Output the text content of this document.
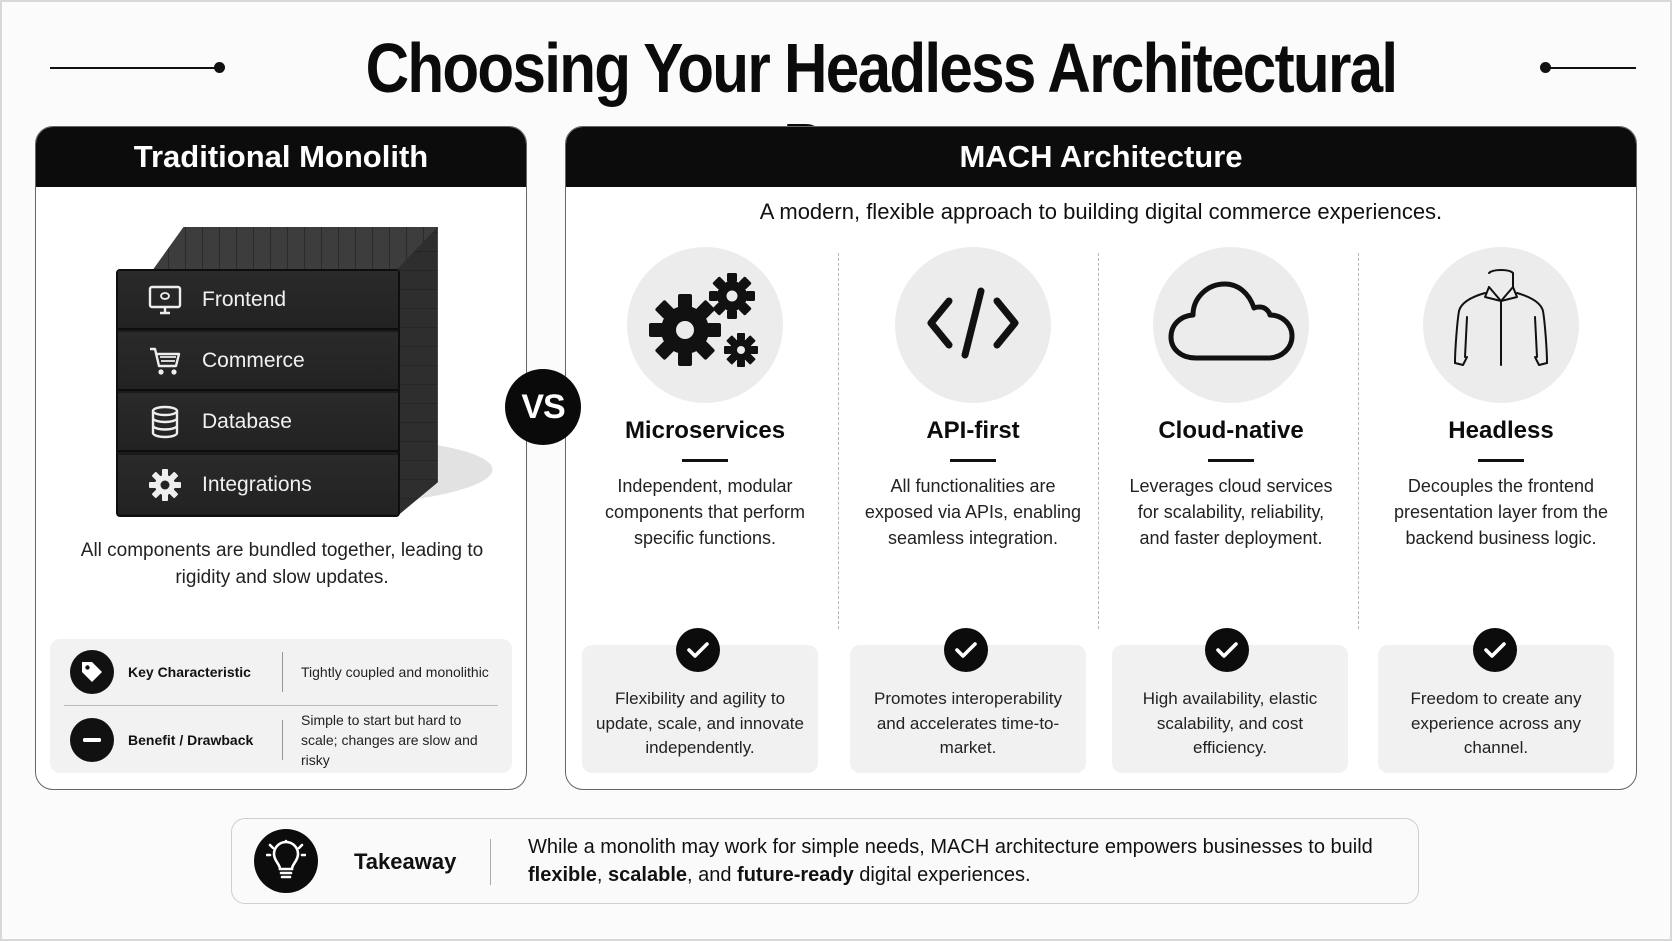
Choosing Your Headless Architectural
Traditional Monolith
Frontend
Commerce
Database
Integrations
All components are bundled together, leading to rigidity and slow updates.
Key Characteristic	Tightly coupled and monolithic
Benefit / Drawback
Simple to start but hard to scale; changes are slow and risky
MACH Architecture
A modern, flexible approach to building digital commerce experiences.
Microservices
Independent, modular components that perform specific functions.
API-first
All functionalities are exposed via APIs, enabling seamless integration.
Cloud-native
Leverages cloud services for scalability, reliability, and faster deployment.
Headless
Decouples the frontend presentation layer from the backend business logic.
Flexibility and agility to update, scale, and innovate independently.
Promotes interoperability and accelerates time-to-market.
High availability, elastic scalability, and cost efficiency.
Freedom to create any experience across any channel.
VS
Takeaway
While a monolith may work for simple needs, MACH architecture empowers businesses to build
flexible, scalable, and future-ready digital experiences.
